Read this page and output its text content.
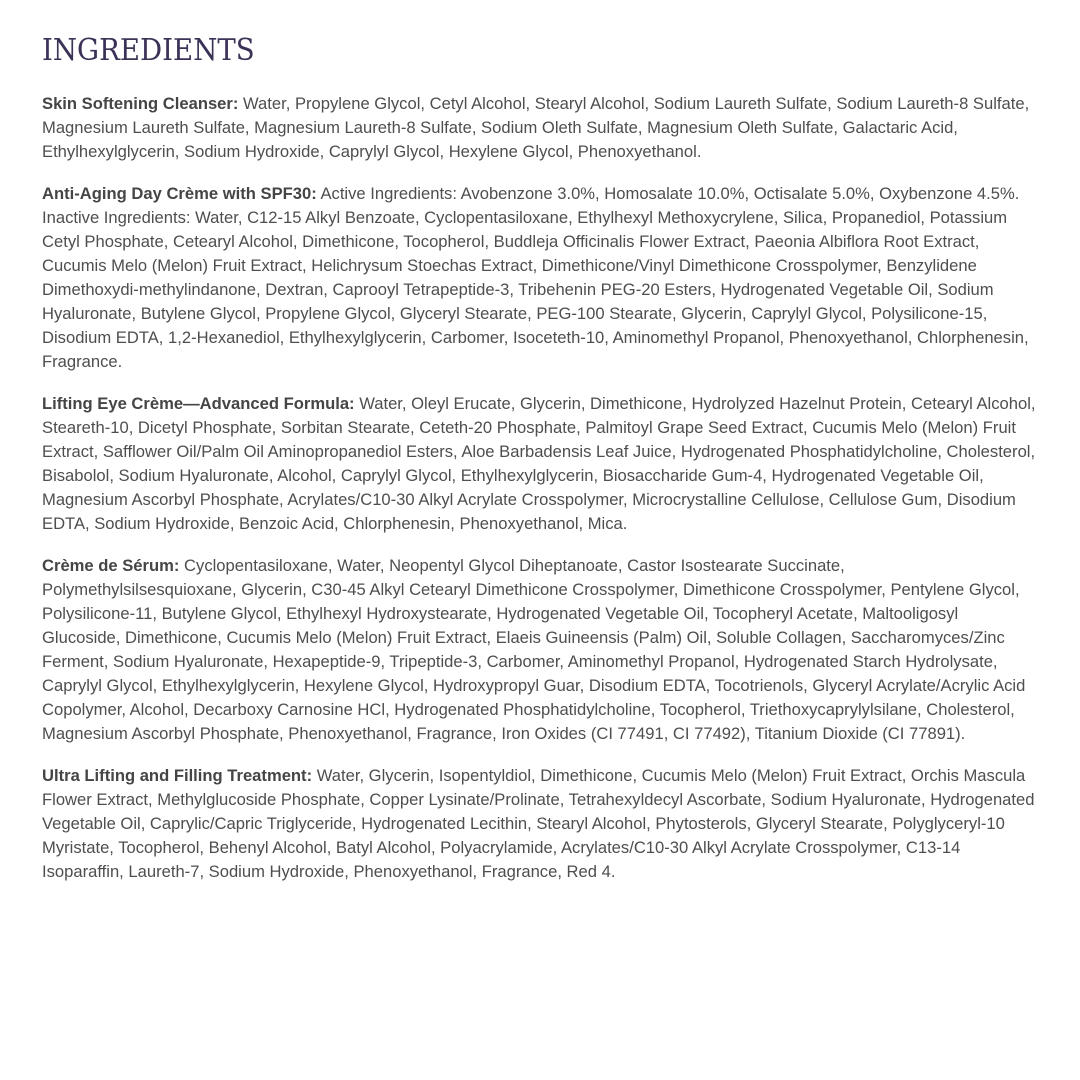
INGREDIENTS

Skin Softening Cleanser: Water, Propylene Glycol, Cetyl Alcohol, Stearyl Alcohol, Sodium Laureth Sulfate, Sodium Laureth-8 Sulfate, Magnesium Laureth Sulfate, Magnesium Laureth-8 Sulfate, Sodium Oleth Sulfate, Magnesium Oleth Sulfate, Galactaric Acid, Ethylhexylglycerin, Sodium Hydroxide, Caprylyl Glycol, Hexylene Glycol, Phenoxyethanol.

Anti-Aging Day Crème with SPF30: Active Ingredients: Avobenzone 3.0%, Homosalate 10.0%, Octisalate 5.0%, Oxybenzone 4.5%. Inactive Ingredients: Water, C12-15 Alkyl Benzoate, Cyclopentasiloxane, Ethylhexyl Methoxycrylene, Silica, Propanediol, Potassium Cetyl Phosphate, Cetearyl Alcohol, Dimethicone, Tocopherol, Buddleja Officinalis Flower Extract, Paeonia Albiflora Root Extract, Cucumis Melo (Melon) Fruit Extract, Helichrysum Stoechas Extract, Dimethicone/Vinyl Dimethicone Crosspolymer, Benzylidene Dimethoxydi-methylindanone, Dextran, Caprooyl Tetrapeptide-3, Tribehenin PEG-20 Esters, Hydrogenated Vegetable Oil, Sodium Hyaluronate, Butylene Glycol, Propylene Glycol, Glyceryl Stearate, PEG-100 Stearate, Glycerin, Caprylyl Glycol, Polysilicone-15, Disodium EDTA, 1,2-Hexanediol, Ethylhexylglycerin, Carbomer, Isoceteth-10, Aminomethyl Propanol, Phenoxyethanol, Chlorphenesin, Fragrance.

Lifting Eye Crème—Advanced Formula: Water, Oleyl Erucate, Glycerin, Dimethicone, Hydrolyzed Hazelnut Protein, Cetearyl Alcohol, Steareth-10, Dicetyl Phosphate, Sorbitan Stearate, Ceteth-20 Phosphate, Palmitoyl Grape Seed Extract, Cucumis Melo (Melon) Fruit Extract, Safflower Oil/Palm Oil Aminopropanediol Esters, Aloe Barbadensis Leaf Juice, Hydrogenated Phosphatidylcholine, Cholesterol, Bisabolol, Sodium Hyaluronate, Alcohol, Caprylyl Glycol, Ethylhexylglycerin, Biosaccharide Gum-4, Hydrogenated Vegetable Oil, Magnesium Ascorbyl Phosphate, Acrylates/C10-30 Alkyl Acrylate Crosspolymer, Microcrystalline Cellulose, Cellulose Gum, Disodium EDTA, Sodium Hydroxide, Benzoic Acid, Chlorphenesin, Phenoxyethanol, Mica.

Crème de Sérum: Cyclopentasiloxane, Water, Neopentyl Glycol Diheptanoate, Castor Isostearate Succinate, Polymethylsilsesquioxane, Glycerin, C30-45 Alkyl Cetearyl Dimethicone Crosspolymer, Dimethicone Crosspolymer, Pentylene Glycol, Polysilicone-11, Butylene Glycol, Ethylhexyl Hydroxystearate, Hydrogenated Vegetable Oil, Tocopheryl Acetate, Maltooligosyl Glucoside, Dimethicone, Cucumis Melo (Melon) Fruit Extract, Elaeis Guineensis (Palm) Oil, Soluble Collagen, Saccharomyces/Zinc Ferment, Sodium Hyaluronate, Hexapeptide-9, Tripeptide-3, Carbomer, Aminomethyl Propanol, Hydrogenated Starch Hydrolysate, Caprylyl Glycol, Ethylhexylglycerin, Hexylene Glycol, Hydroxypropyl Guar, Disodium EDTA, Tocotrienols, Glyceryl Acrylate/Acrylic Acid Copolymer, Alcohol, Decarboxy Carnosine HCl, Hydrogenated Phosphatidylcholine, Tocopherol, Triethoxycaprylylsilane, Cholesterol, Magnesium Ascorbyl Phosphate, Phenoxyethanol, Fragrance, Iron Oxides (CI 77491, CI 77492), Titanium Dioxide (CI 77891).

Ultra Lifting and Filling Treatment: Water, Glycerin, Isopentyldiol, Dimethicone, Cucumis Melo (Melon) Fruit Extract, Orchis Mascula Flower Extract, Methylglucoside Phosphate, Copper Lysinate/Prolinate, Tetrahexyldecyl Ascorbate, Sodium Hyaluronate, Hydrogenated Vegetable Oil, Caprylic/Capric Triglyceride, Hydrogenated Lecithin, Stearyl Alcohol, Phytosterols, Glyceryl Stearate, Polyglyceryl-10 Myristate, Tocopherol, Behenyl Alcohol, Batyl Alcohol, Polyacrylamide, Acrylates/C10-30 Alkyl Acrylate Crosspolymer, C13-14 Isoparaffin, Laureth-7, Sodium Hydroxide, Phenoxyethanol, Fragrance, Red 4.
